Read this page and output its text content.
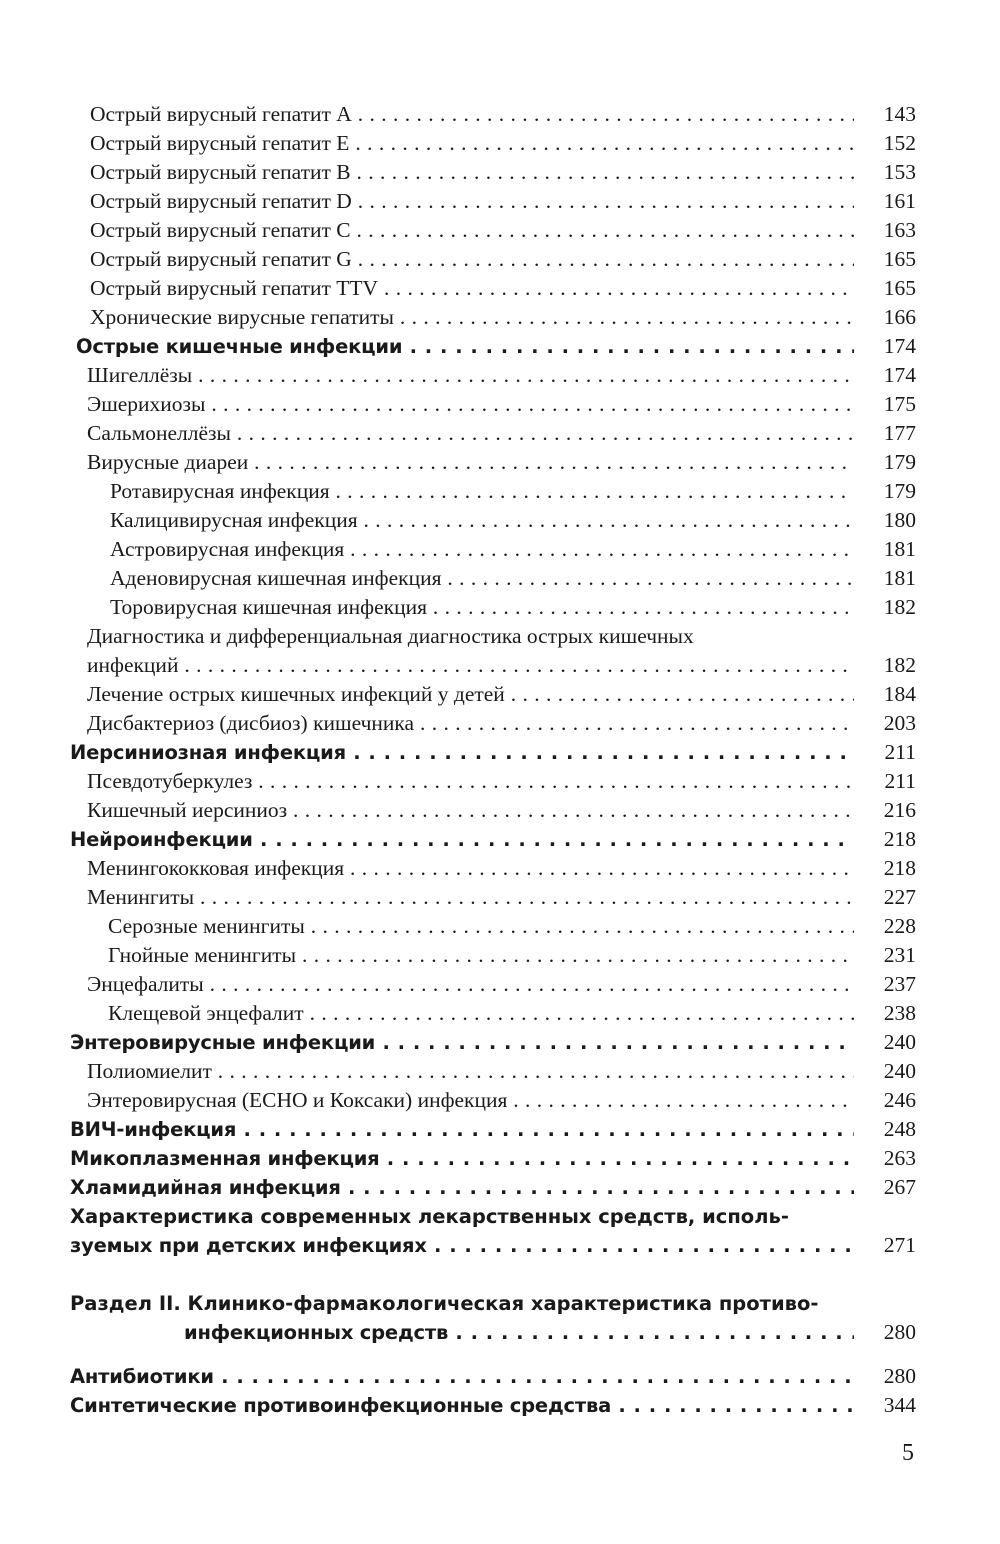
Острый вирусный гепатит А . . .	143
Острый вирусный гепатит Е . . .	152
Острый вирусный гепатит В . . .	153
Острый вирусный гепатит D . . .	161
Острый вирусный гепатит С . . .	163
Острый вирусный гепатит G . . .	165
Острый вирусный гепатит TTV . . .	165
Хронические вирусные гепатиты . . .	166
Острые кишечные инфекции . . .	174
Шигеллёзы . . .	174
Эшерихиозы . . .	175
Сальмонеллёзы . . .	177
Вирусные диареи . . .	179
Ротавирусная инфекция . . .	179
Калицивирусная инфекция . . .	180
Астровирусная инфекция . . .	181
Аденовирусная кишечная инфекция . . .	181
Торовирусная кишечная инфекция . . .	182
Диагностика и дифференциальная диагностика острых кишечных
инфекций . . .	182
Лечение острых кишечных инфекций у детей . . .	184
Дисбактериоз (дисбиоз) кишечника . . .	203
Иерсиниозная инфекция . . .	211
Псевдотуберкулез . . .	211
Кишечный иерсиниоз . . .	216
Нейроинфекции . . .	218
Менингококковая инфекция . . .	218
Менингиты . . .	227
Серозные менингиты . . .	228
Гнойные менингиты . . .	231
Энцефалиты . . .	237
Клещевой энцефалит . . .	238
Энтеровирусные инфекции . . .	240
Полиомиелит . . .	240
Энтеровирусная (ЕСНО и Коксаки) инфекция . . .	246
ВИЧ-инфекция . . .	248
Микоплазменная инфекция . . .	263
Хламидийная инфекция . . .	267
Характеристика современных лекарственных средств, исполь-
зуемых при детских инфекциях . . .	271
Раздел II. Клинико-фармакологическая характеристика противо-
инфекционных средств . . .	280
Антибиотики . . .	280
Синтетические противоинфекционные средства . . .	344
5
